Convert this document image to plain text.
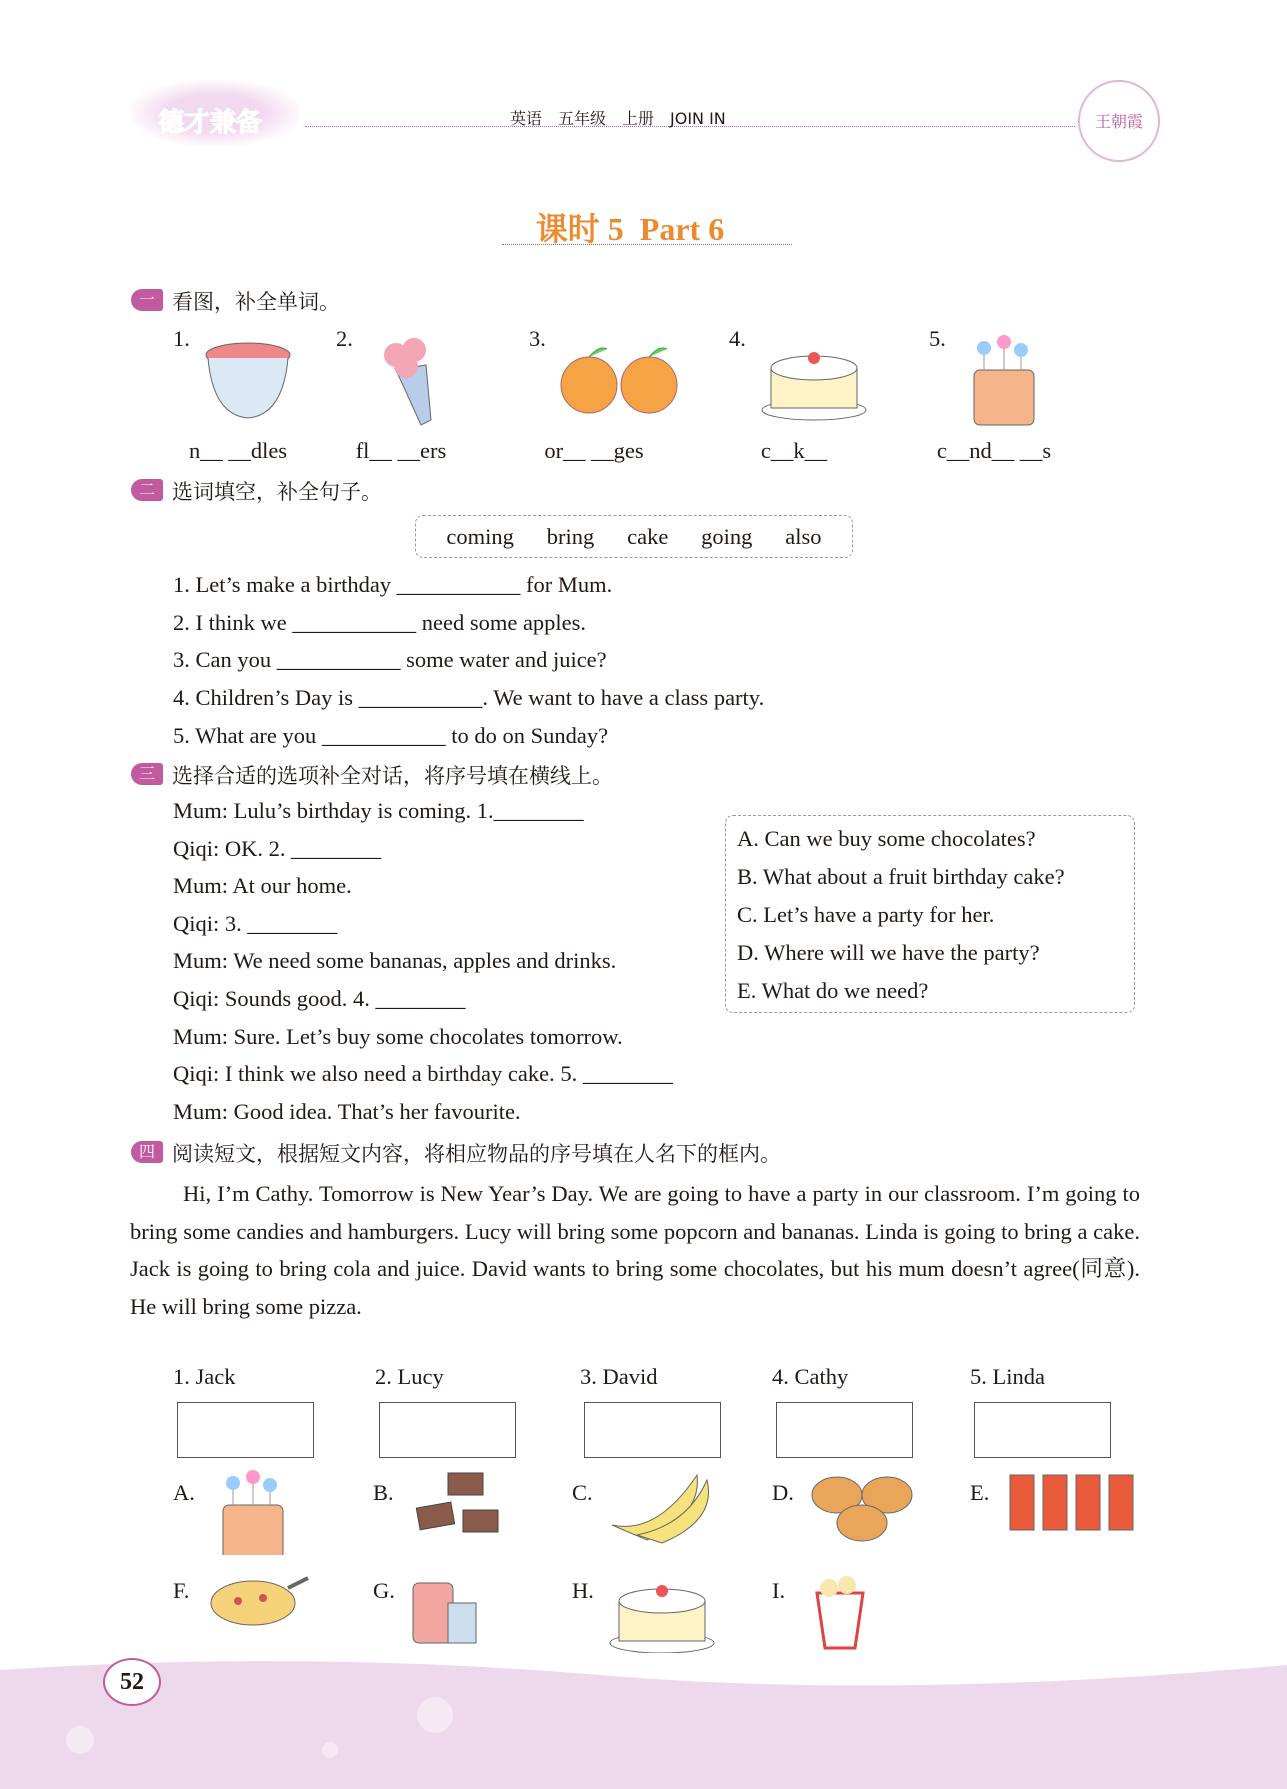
德才兼备	英语　五年级　上册　JOIN IN	王朝霞
课时 5  Part 6
一 看图，补全单词。
1.
n__ __dles
2.
fl__ __ers
3.
or__ __ges
4.
c__k__
5.
c__nd__ __s
二 选词填空，补全句子。
coming bring cake going also
1. Let’s make a birthday ___________ for Mum.
2. I think we ___________ need some apples.
3. Can you ___________ some water and juice?
4. Children’s Day is ___________. We want to have a class party.
5. What are you ___________ to do on Sunday?
三 选择合适的选项补全对话，将序号填在横线上。
Mum: Lulu’s birthday is coming. 1.________
Qiqi: OK. 2. ________
Mum: At our home.
Qiqi: 3. ________
Mum: We need some bananas, apples and drinks.
Qiqi: Sounds good. 4. ________
Mum: Sure. Let’s buy some chocolates tomorrow.
Qiqi: I think we also need a birthday cake. 5. ________
Mum: Good idea. That’s her favourite.
A. Can we buy some chocolates?
B. What about a fruit birthday cake?
C. Let’s have a party for her.
D. Where will we have the party?
E. What do we need?
四 阅读短文，根据短文内容，将相应物品的序号填在人名下的框内。
Hi, I’m Cathy. Tomorrow is New Year’s Day. We are going to have a party in our classroom. I’m going to bring some candies and hamburgers. Lucy will bring some popcorn and bananas. Linda is going to bring a cake. Jack is going to bring cola and juice. David wants to bring some chocolates, but his mum doesn’t agree(同意). He will bring some pizza.
1. Jack	2. Lucy	3. David	4. Cathy	5. Linda
A.	B.	C.	D.	E.
F.	G.	H.	I.
52
